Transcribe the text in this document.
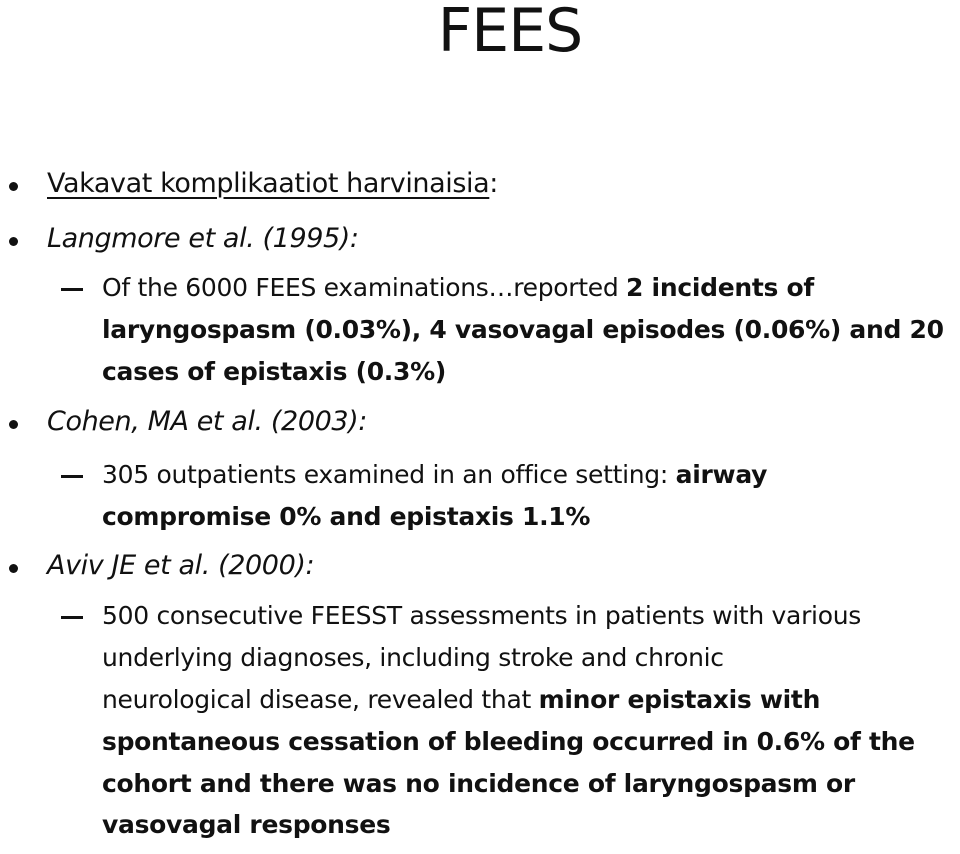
FEES
Vakavat komplikaatiot harvinaisia:
Langmore et al. (1995):
Of the 6000 FEES examinations…reported 2 incidents of
laryngospasm (0.03%), 4 vasovagal episodes (0.06%) and 20
cases of epistaxis (0.3%)
Cohen, MA et al. (2003):
305 outpatients examined in an office setting: airway
compromise 0% and epistaxis 1.1%
Aviv JE et al. (2000):
500 consecutive FEESST assessments in patients with various
underlying diagnoses, including stroke and chronic
neurological disease, revealed that minor epistaxis with
spontaneous cessation of bleeding occurred in 0.6% of the
cohort and there was no incidence of laryngospasm or
vasovagal responses
